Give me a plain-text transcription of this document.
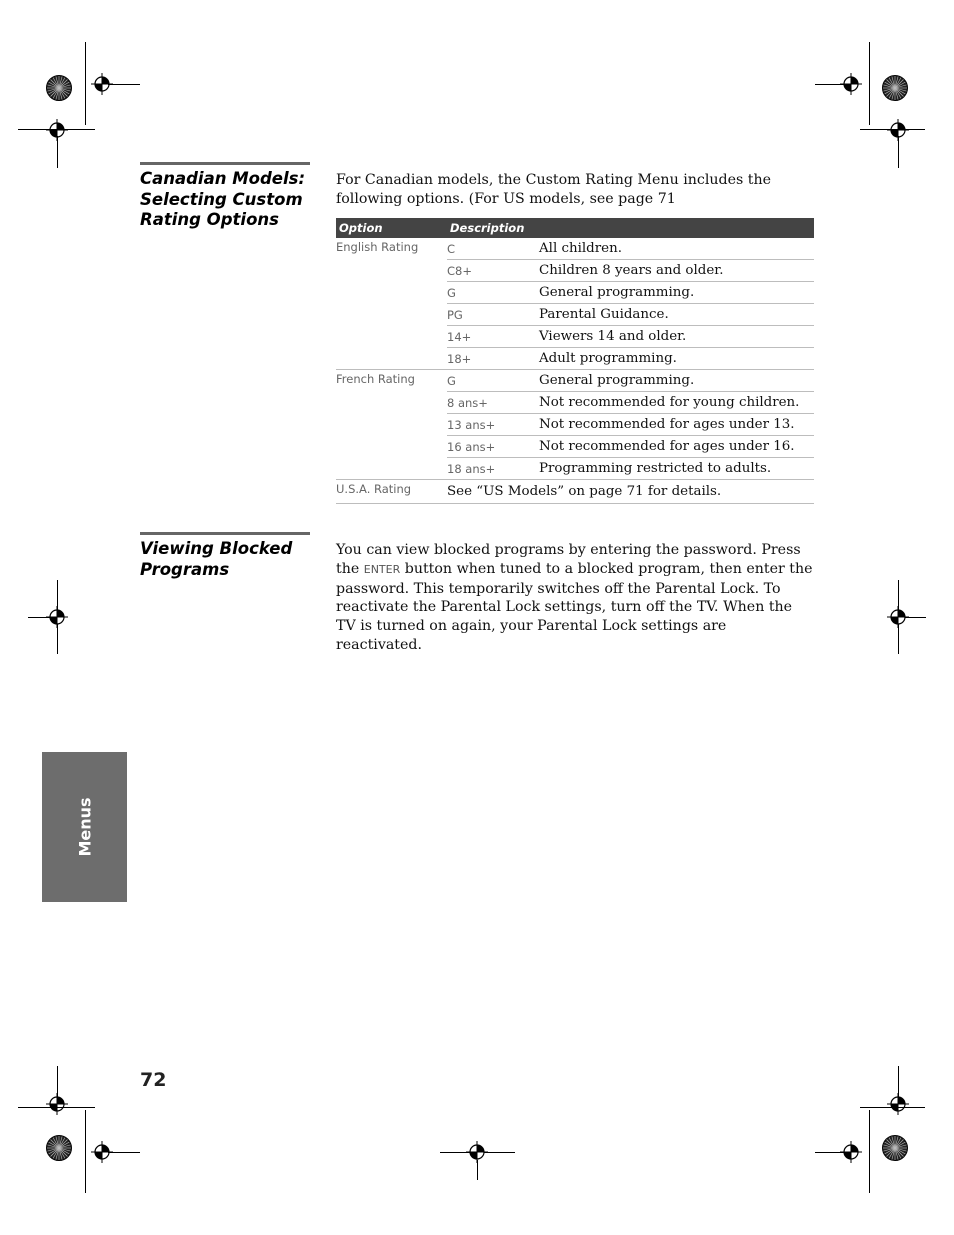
Canadian Models:
Selecting Custom
Rating Options

For Canadian models, the Custom Rating Menu includes the
following options. (For US models, see page 71

Option	Description	
English Rating	C	All children.
	C8+	Children 8 years and older.
	G	General programming.
	PG	Parental Guidance.
	14+	Viewers 14 and older.
	18+	Adult programming.
French Rating	G	General programming.
	8 ans+	Not recommended for young children.
	13 ans+	Not recommended for ages under 13.
	16 ans+	Not recommended for ages under 16.
	18 ans+	Programming restricted to adults.
U.S.A. Rating	See “US Models” on page 71 for details.	
Viewing Blocked
Programs

You can view blocked programs by entering the password. Press the ENTER button when tuned to a blocked program, then enter the password. This temporarily switches off the Parental Lock. To reactivate the Parental Lock settings, turn off the TV. When the TV is turned on again, your Parental Lock settings are reactivated.

Menus
72
